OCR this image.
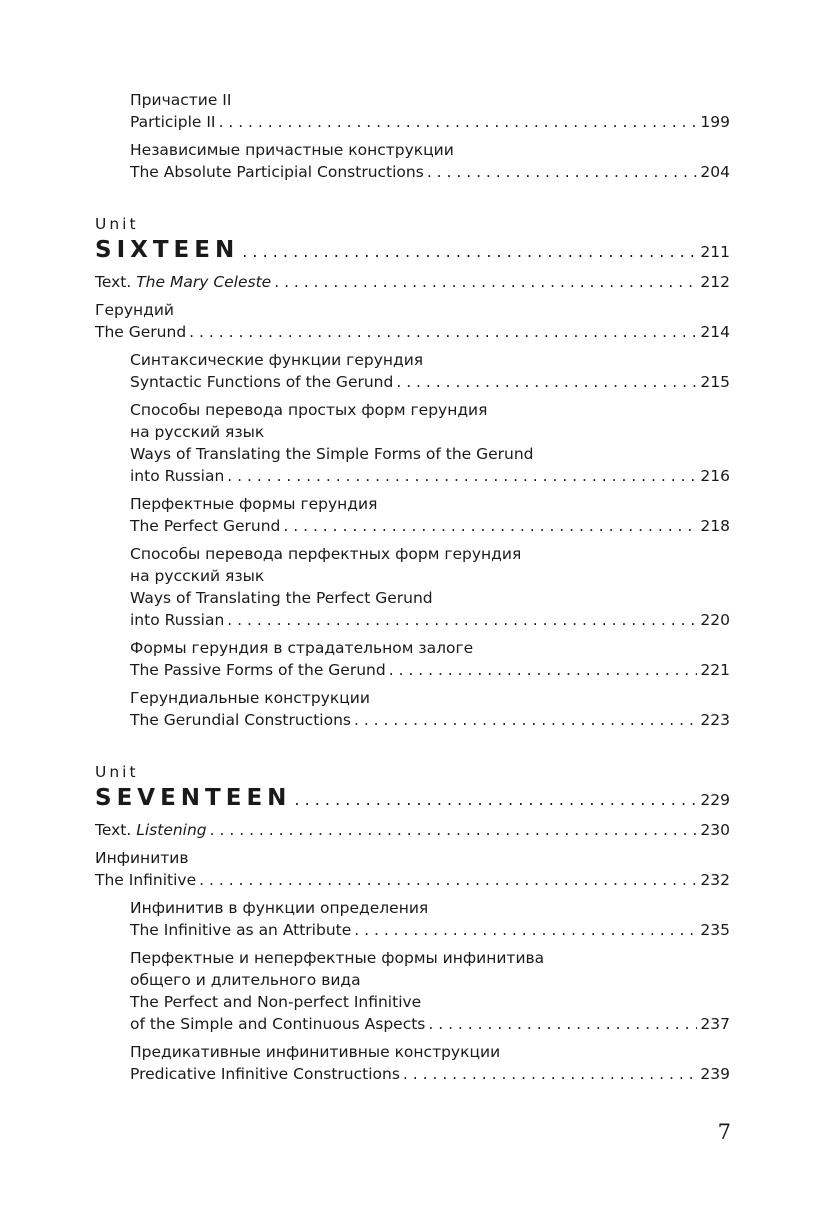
Причастие II
Participle II . . .	199
Независимые причастные конструкции
The Absolute Participial Constructions . . .	204
Unit
SIXTEEN . . .	211
Text.
The Mary Celeste . . .	212
Герундий
The Gerund . . .	214
Синтаксические функции герундия
Syntactic Functions of the Gerund . . .	215
Способы перевода простых форм герундия
на русский язык
Ways of Translating the Simple Forms of the Gerund
into Russian . . .	216
Перфектные формы герундия
The Perfect Gerund . . .	218
Способы перевода перфектных форм герундия
на русский язык
Ways of Translating the Perfect Gerund
into Russian . . .	220
Формы герундия в страдательном залоге
The Passive Forms of the Gerund . . .	221
Герундиальные конструкции
The Gerundial Constructions . . .	223
Unit
SEVENTEEN . . .	229
Text.
Listening . . .	230
Инфинитив
The Infinitive . . .	232
Инфинитив в функции определения
The Infinitive as an Attribute . . .	235
Перфектные и неперфектные формы инфинитива
общего и длительного вида
The Perfect and Non-perfect Infinitive
of the Simple and Continuous Aspects . . .	237
Предикативные инфинитивные конструкции
Predicative Infinitive Constructions . . .	239
7
